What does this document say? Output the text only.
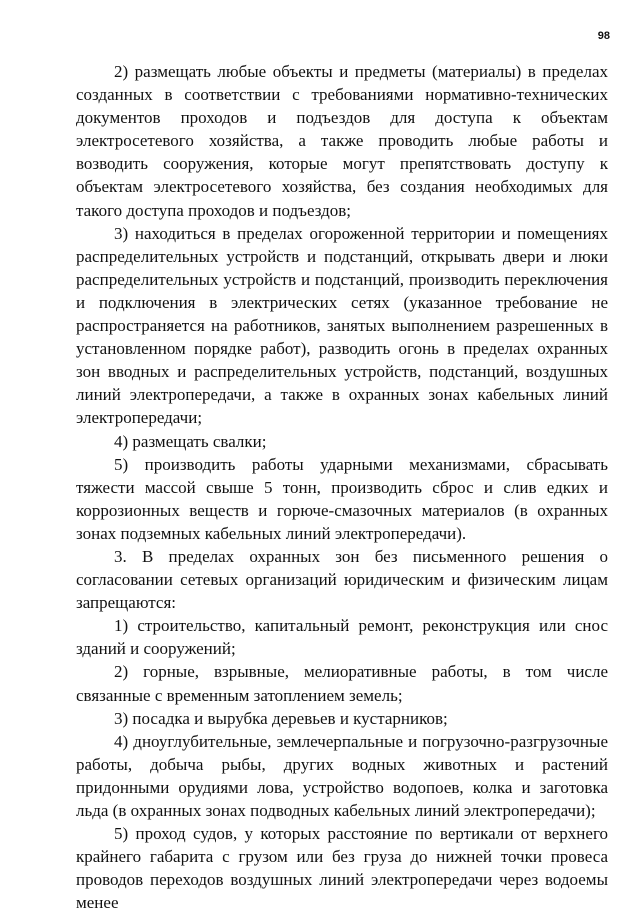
98

2) размещать любые объекты и предметы (материалы) в пределах созданных в соответствии с требованиями нормативно-технических документов проходов и подъездов для доступа к объектам электросетевого хозяйства, а также проводить любые работы и возводить сооружения, которые могут препятствовать доступу к объектам электросетевого хозяйства, без создания необходимых для такого доступа проходов и подъездов;

3) находиться в пределах огороженной территории и помещениях распределительных устройств и подстанций, открывать двери и люки распределительных устройств и подстанций, производить переключения и подключения в электрических сетях (указанное требование не распространяется на работников, занятых выполнением разрешенных в установленном порядке работ), разводить огонь в пределах охранных зон вводных и распределительных устройств, подстанций, воздушных линий электропередачи, а также в охранных зонах кабельных линий электропередачи;

4) размещать свалки;

5) производить работы ударными механизмами, сбрасывать тяжести массой свыше 5 тонн, производить сброс и слив едких и коррозионных веществ и горюче-смазочных материалов (в охранных зонах подземных кабельных линий электропередачи).

3. В пределах охранных зон без письменного решения о согласовании сетевых организаций юридическим и физическим лицам запрещаются:

1) строительство, капитальный ремонт, реконструкция или снос зданий и сооружений;

2) горные, взрывные, мелиоративные работы, в том числе связанные с временным затоплением земель;

3) посадка и вырубка деревьев и кустарников;

4) дноуглубительные, землечерпальные и погрузочно-разгрузочные работы, добыча рыбы, других водных животных и растений придонными орудиями лова, устройство водопоев, колка и заготовка льда (в охранных зонах подводных кабельных линий электропередачи);

5) проход судов, у которых расстояние по вертикали от верхнего крайнего габарита с грузом или без груза до нижней точки провеса проводов переходов воздушных линий электропередачи через водоемы менее
